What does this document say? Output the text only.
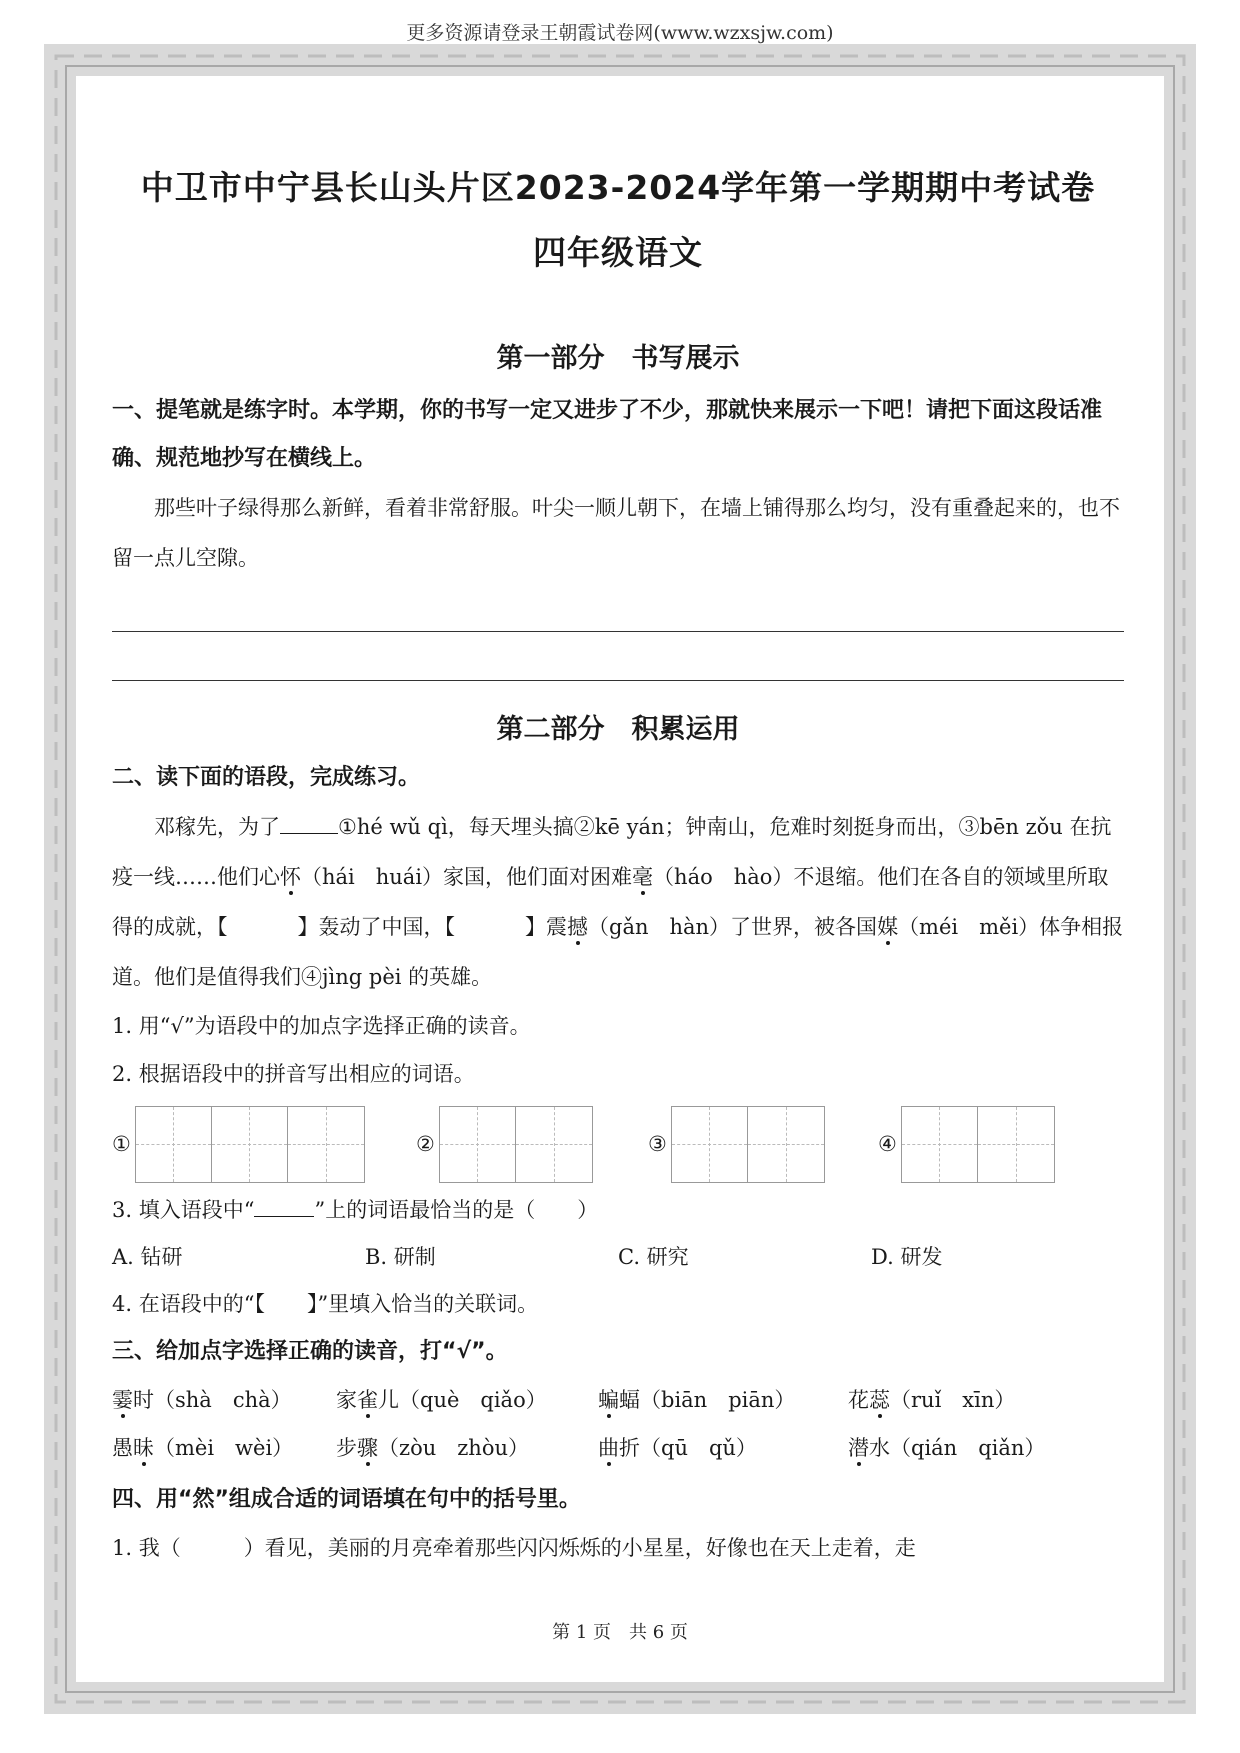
更多资源请登录王朝霞试卷网(www.wzxsjw.com)
中卫市中宁县长山头片区2023-2024学年第一学期期中考试卷
四年级语文
第一部分　书写展示
一、提笔就是练字时。本学期，你的书写一定又进步了不少，那就快来展示一下吧！请把下面这段话准确、规范地抄写在横线上。
那些叶子绿得那么新鲜，看着非常舒服。叶尖一顺儿朝下，在墙上铺得那么均匀，没有重叠起来的，也不留一点儿空隙。
第二部分　积累运用
二、读下面的语段，完成练习。
邓稼先，为了	①hé wǔ qì，每天埋头搞②kē yán；钟南山，危难时刻挺身而出，③bēn zǒu 在抗疫一线……他们心怀（hái　huái）家国，他们面对困难毫（háo　hào）不退缩。他们在各自的领域里所取得的成就，【	】轰动了中国，【	】震撼（gǎn　hàn）了世界，被各国媒（méi　měi）体争相报道。他们是值得我们④jìng pèi 的英雄。
1. 用“√”为语段中的加点字选择正确的读音。
2. 根据语段中的拼音写出相应的词语。
①	②	③	④
3. 填入语段中“	”上的词语最恰当的是（　　）
A. 钻研	B. 研制	C. 研究	D. 研发
4. 在语段中的“【　　】”里填入恰当的关联词。
三、给加点字选择正确的读音，打“√”。
霎时（shà　chà）	家雀儿（què　qiǎo）	蝙蝠（biān　piān）	花蕊（ruǐ　xīn）
愚昧（mèi　wèi）	步骤（zòu　zhòu）	曲折（qū　qǔ）	潜水（qián　qiǎn）
四、用“然”组成合适的词语填在句中的括号里。
1. 我（　　　）看见，美丽的月亮牵着那些闪闪烁烁的小星星，好像也在天上走着，走
第 1 页　共 6 页
